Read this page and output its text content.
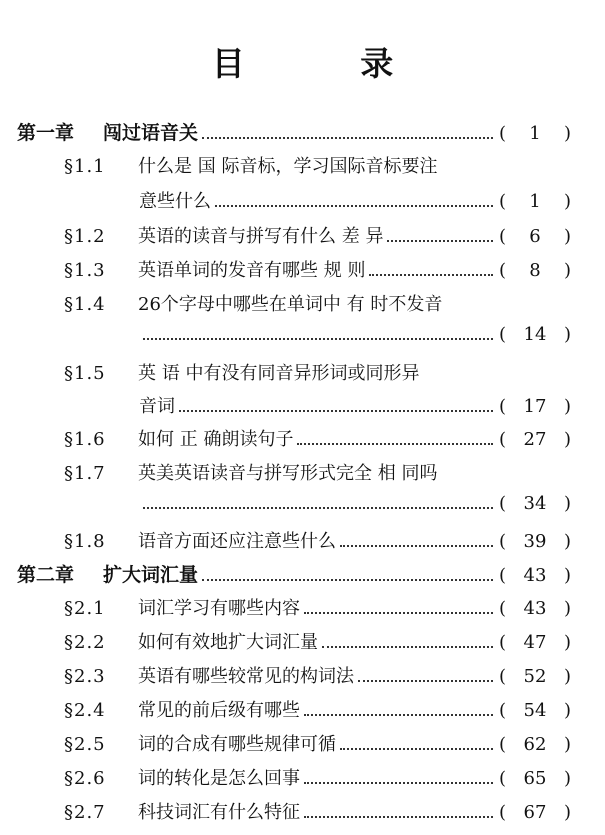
目 录
第一章	闯过语音关	(	1	)
§1.1	什么是 国 际音标，学习国际音标要注
意些什么	(	1	)
§1.2	英语的读音与拼写有什么 差 异	(	6	)
§1.3	英语单词的发音有哪些 规 则	(	8	)
§1.4	26个字母中哪些在单词中 有 时不发音
( 14 )
§1.5	英 语 中有没有同音异形词或同形异
音词	( 17 )
§1.6	如何 正 确朗读句子	( 27 )
§1.7	英美英语读音与拼写形式完全 相 同吗
( 34 )
§1.8	语音方面还应注意些什么	( 39 )
第二章	扩大词汇量	( 43 )
§2.1	词汇学习有哪些内容	( 43 )
§2.2	如何有效地扩大词汇量	( 47 )
§2.3	英语有哪些较常见的构词法	( 52 )
§2.4	常见的前后级有哪些	( 54 )
§2.5	词的合成有哪些规律可循	( 62 )
§2.6	词的转化是怎么回事	( 65 )
§2.7	科技词汇有什么特征	( 67 )
